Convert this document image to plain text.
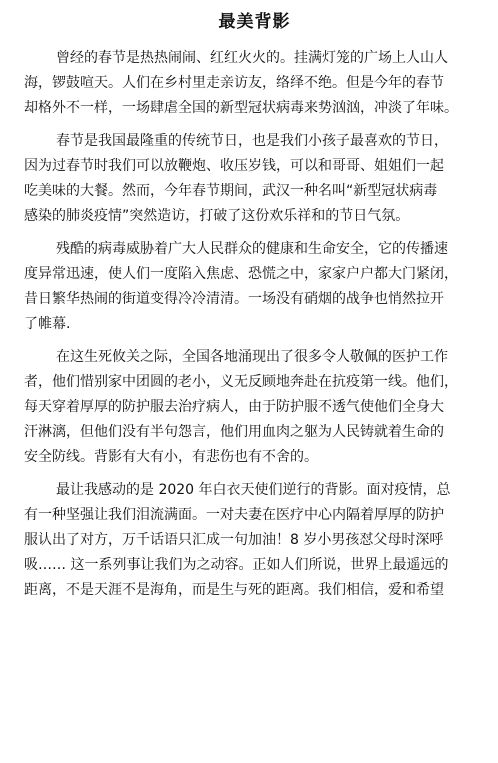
最美背影
曾经的春节是热热闹闹、红红火火的。挂满灯笼的广场上人山人
海，锣鼓喧天。人们在乡村里走亲访友，络绎不绝。但是今年的春节
却格外不一样，一场肆虐全国的新型冠状病毒来势汹汹，冲淡了年味。
春节是我国最隆重的传统节日，也是我们小孩子最喜欢的节日，
因为过春节时我们可以放鞭炮、收压岁钱，可以和哥哥、姐姐们一起
吃美味的大餐。然而，今年春节期间，武汉一种名叫“新型冠状病毒
感染的肺炎疫情”突然造访，打破了这份欢乐祥和的节日气氛。
残酷的病毒威胁着广大人民群众的健康和生命安全，它的传播速
度异常迅速，使人们一度陷入焦虑、恐慌之中，家家户户都大门紧闭，
昔日繁华热闹的街道变得冷冷清清。一场没有硝烟的战争也悄然拉开
了帷幕.
在这生死攸关之际，全国各地涌现出了很多令人敬佩的医护工作
者，他们惜别家中团圆的老小，义无反顾地奔赴在抗疫第一线。他们，
每天穿着厚厚的防护服去治疗病人，由于防护服不透气使他们全身大
汗淋漓，但他们没有半句怨言，他们用血肉之躯为人民铸就着生命的
安全防线。背影有大有小，有悲伤也有不舍的。
最让我感动的是 2020 年白衣天使们逆行的背影。面对疫情，总
有一种坚强让我们泪流满面。一对夫妻在医疗中心内隔着厚厚的防护
服认出了对方，万千话语只汇成一句加油！8 岁小男孩怼父母时深呼
吸…… 这一系列事让我们为之动容。正如人们所说，世界上最遥远的
距离，不是天涯不是海角，而是生与死的距离。我们相信，爱和希望
